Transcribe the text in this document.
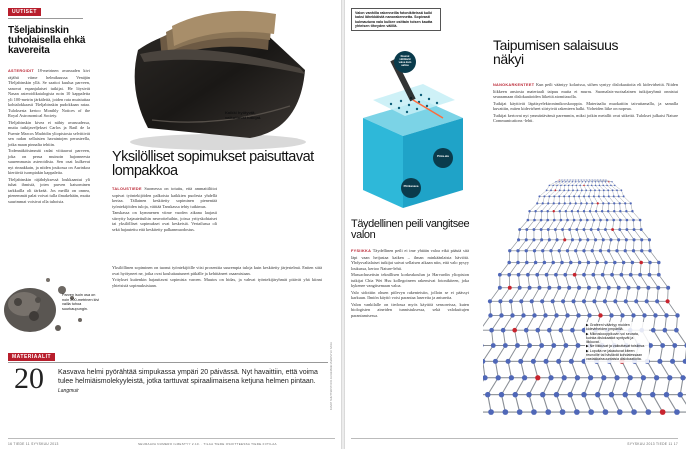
UUTISET
Tšeljabinskin tuholaisella ehkä kavereita

ASTEROIDIT 18-metrinen avaruuden kivi räjähti viime helmikuussa Venäjän Tšeljabinskin yllä. Se saattoi kuulua parveen, sanovat espanjalaiset tutkijat. He löysivät Nasan asteroidikatalogista noin 10 kappaletta yli 100-metrin järkäleitä, joiden rata muistuttaa kohtalokkaasti Tšeljabinskin pudokkaan rataa. Tuloksesta kertoo Monthly Notices of the Royal Astronomical Society.

Tšeljabinskin kivea ei nähty avaruudessa, mutta tutkijaveljekset Carlos ja Raúl de la Fuente Marcos Madridin yliopistosta selvittivät sen radan sellaisten havaintojen perusteella, jotka maan pinnalta tehtiin.

Todennäköisimmät radat viittaavat parveen, joka on perua muinoin hajonneesta suuremmasta asteroidista. Sen osat kulkevat nyt rinnakkain, ja niiden joukossa on Aurinkoa kiertäviä isompiakin kappaleita.

Tšeljabinskin räjähdyksessä loukkaantui yli tuhat ihmistä, joten parven katsominen tarkkailla oli tärkeää. Jos meillä on onnea, pienemmät palat voivat tulla ilmakehään, mutta suurimmat voisivat olla tuhoisia.

Parven isoin osa on noin 200-metrinen kivi vailla tuhoa suurkaupungin.
Kaikki hyötyvät, vaikuttavat tutkijat.
Yksilölliset sopimukset paisuttavat lompakkoa

TALOUSTIEDE Suomessa on totuttu, että ammattiliitot sopivat työntekijöiden palkoista kaikkien puolesta yhdellä kertaa. Tällainen keskitetty sopiminen pienentää työntekijöiden tuloja, väittää Tanskassa tehty tutkimus.

Tanskassa on kymmenen viime vuoden aikana laajasti siirrytty hajautettuihin neuvotteluihin, joissa yrityskohtaiset tai yksilölliset sopimukset ovat keskeisiä. Vertailussa oli sekä hajautettu että keskitetty palkanmuodostus.

Yksilöllinen sopiminen on tuonut työntekijöille viisi prosenttia suurempia tuloja kuin keskitetty järjestelmä. Eniten siitä ovat hyötyneet ne, jotka ovat kouluttautuneet pitkälle ja kehittäneet osaamistaan.

Yritykset kuitenkin hajauttavat sopimista varoen. Muutos on hidas, ja vahvat työntekijäryhmät pitävät yhä kiinni yhteisistä sopimuksistaan.

KUVAT SHUTTERSTOCK JA IHEIZHEI ZHARNYH / NASA
MATERIAALIT
20 Kasvava helmi pyörähtää simpukassa ympäri 20 päivässä. Nyt havaittiin, että voima tulee helmiäismolekyyleistä, jotka tarttuvat spiraalimaisena ketjuna helmen pintaan. Langmuir
16 TIEDE 11 SYYSKUU 2013	SEURAAVA NUMERO ILMESTYY 2.10. · TILAA TIEDE OSOITTEESSA TIEDE.FI/TILAA
Valon vanhilla rakenneilla fotonikiteissä kulki kaksi lähekkäistä nanorakennetta. Sopivasti kulmautuva valo kulkee osittain toisen kautta yhteisen tiheyden välillä.
Reunat välittävät valoa kuin aaltoa
Pinta-ala
Piirikanava
Täydellinen peili vangitsee valon

FYSIIKKA Täydellinen peili ei ime yhtään valoa eikä päästä sitä läpi vaan heijastaa kaiken – ilman minkäänlaista häviötä. Yhdysvaltalaiset tutkijat saivat sellaisen aikaan niin, että valo pysyy loukussa, kertoo Nature-lehti.

Massachusettsin teknillisen korkeakoulun ja Harvardin yliopiston tutkijat Chia Wei Hsu kollegoineen rakensivat fotonikiteen, joka kykenee vangitsemaan valoa.

Valo sidottiin ohuen piilevyn rakenteisiin, jolloin se ei päässyt karkuun. Ilmiön käyttö voisi parantaa lasereita ja antureita.

Valon vankilalle on tiedossa myös käyttöä sensoreissa, kuten biologisten aineiden tunnistuksessa, sekä valokuitujen parantamisessa.

Taipumisen salaisuus näkyi

NANOKARKENTEET Kun peili vääntyy kolarissa, siihen syntyy dislokaatioita eli kidevirheitä. Niiden liikkeen ansiosta materiaali taipuu mutta ei murru. Suomalais-ruotsalainen tutkijaryhmä onnistui seuraamaan dislokaatioiden liikettä atomitasolla.

Tutkijat käyttivät läpäisyelektronimikroskooppia. Materiaalia muokattiin taivuttamalla, ja samalla kuvattiin, miten kidevirheet siirtyivät rakenteen halki. Virheiden liike on nopeaa.

Tutkijat kertovat nyt ymmärtävänsä paremmin, miksi jotkin metallit ovat sitkeitä. Tulokset julkaisi Nature Communications -lehti.

▶ Grafeeni vääntyy muiden kidevirheiden ympärillä.
▶ Mikroskooppikuvin voi seurata, kuinka dislokaatiot syntyvät ja liikkuvat.
▶ Ne liikkuvat ja vaikuttavat toisiinsa.
▶ Lopulta ne jakautuvat kiteen reunoille tai häviävät kohdatessaan vastakkaissuuntaisia dislokaatioita.
SYYSKUU 2013 TIEDE 11 17
